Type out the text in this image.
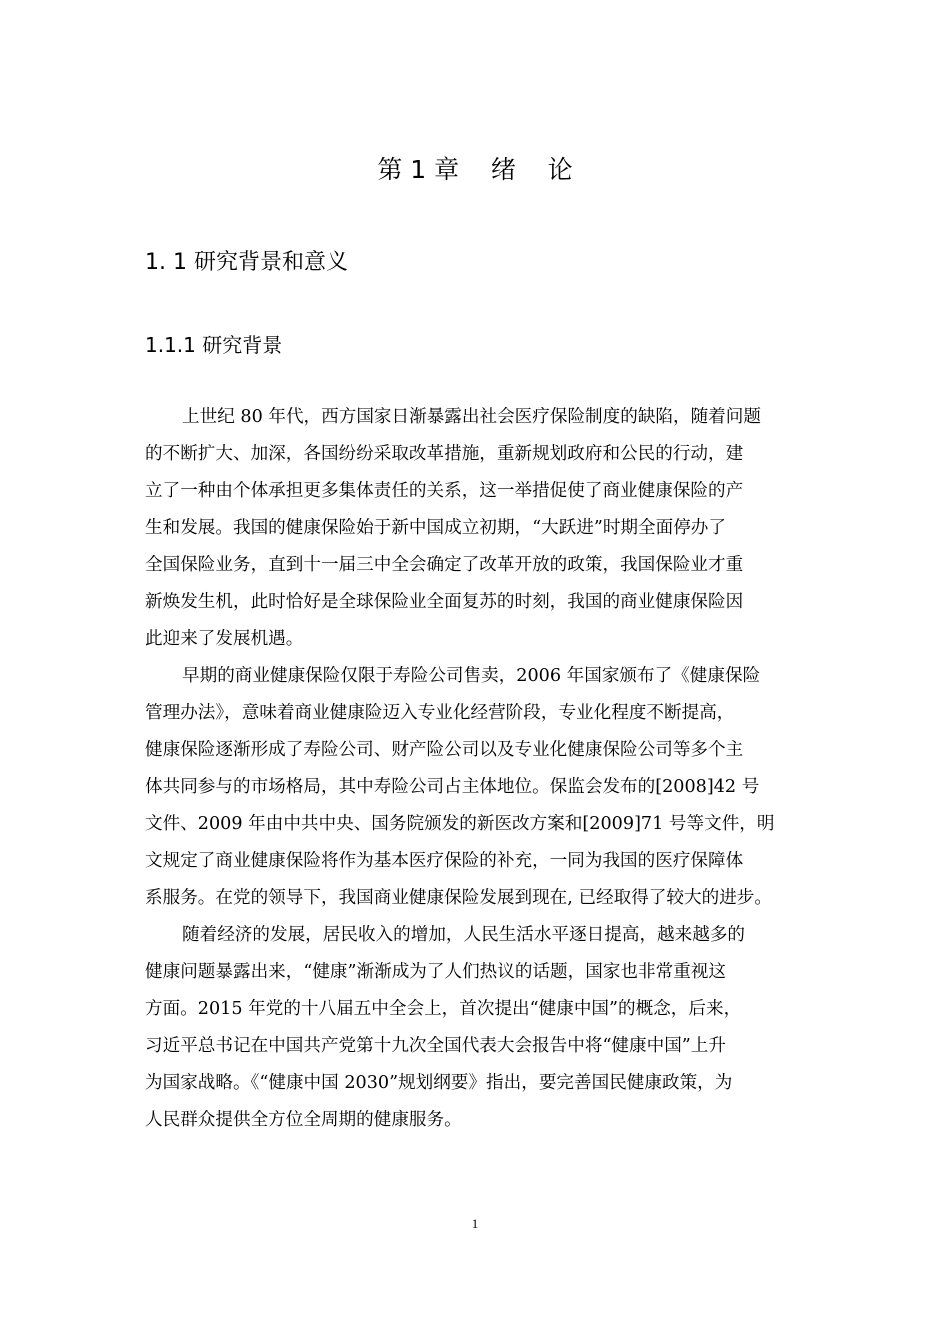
第 1 章    绪    论
1. 1 研究背景和意义
1.1.1 研究背景

上世纪 80 年代，西方国家日渐暴露出社会医疗保险制度的缺陷，随着问题
的不断扩大、加深，各国纷纷采取改革措施，重新规划政府和公民的行动，建
立了一种由个体承担更多集体责任的关系，这一举措促使了商业健康保险的产
生和发展。我国的健康保险始于新中国成立初期，“大跃进”时期全面停办了
全国保险业务，直到十一届三中全会确定了改革开放的政策，我国保险业才重
新焕发生机，此时恰好是全球保险业全面复苏的时刻，我国的商业健康保险因
此迎来了发展机遇。

早期的商业健康保险仅限于寿险公司售卖，2006 年国家颁布了《健康保险
管理办法》，意味着商业健康险迈入专业化经营阶段，专业化程度不断提高，
健康保险逐渐形成了寿险公司、财产险公司以及专业化健康保险公司等多个主
体共同参与的市场格局，其中寿险公司占主体地位。保监会发布的[2008]42 号
文件、2009 年由中共中央、国务院颁发的新医改方案和[2009]71 号等文件，明
文规定了商业健康保险将作为基本医疗保险的补充，一同为我国的医疗保障体
系服务。在党的领导下，我国商业健康保险发展到现在, 已经取得了较大的进步。

随着经济的发展，居民收入的增加，人民生活水平逐日提高，越来越多的
健康问题暴露出来，“健康”渐渐成为了人们热议的话题，国家也非常重视这
方面。2015 年党的十八届五中全会上，首次提出“健康中国”的概念，后来，
习近平总书记在中国共产党第十九次全国代表大会报告中将“健康中国”上升
为国家战略。《“健康中国 2030”规划纲要》指出，要完善国民健康政策，为
人民群众提供全方位全周期的健康服务。

1
